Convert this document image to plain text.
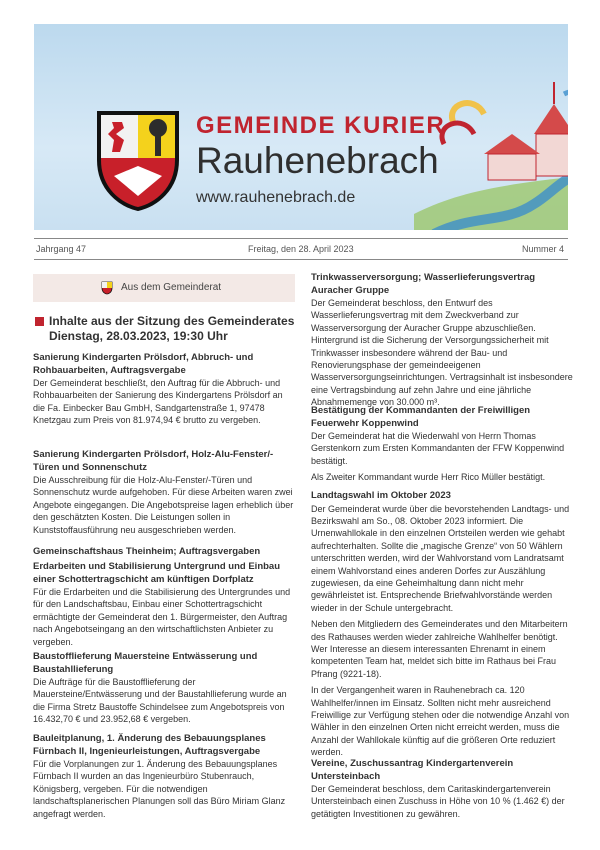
GEMEINDE KURIER
Rauhenebrach
www.rauhenebrach.de
Jahrgang 47	Freitag, den 28. April 2023	Nummer 4
Aus dem Gemeinderat
Inhalte aus der Sitzung des Gemeinderates
Dienstag, 28.03.2023, 19:30 Uhr
Sanierung Kindergarten Prölsdorf, Abbruch- und Rohbauarbeiten, Auftragsvergabe

Der Gemeinderat beschließt, den Auftrag für die Abbruch- und Rohbauarbeiten der Sanierung des Kindergartens Prölsdorf an die Fa. Einbecker Bau GmbH, Sandgartenstraße 1, 97478 Knetzgau zum Preis von 81.974,94 € brutto zu vergeben.

Sanierung Kindergarten Prölsdorf, Holz-Alu-Fenster/-Türen und Sonnenschutz

Die Ausschreibung für die Holz-Alu-Fenster/-Türen und Sonnenschutz wurde aufgehoben. Für diese Arbeiten waren zwei Angebote eingegangen. Die Angebotspreise lagen erheblich über den geschätzten Kosten. Die Leistungen sollen in Kunststoffausführung neu ausgeschrieben werden.

Gemeinschaftshaus Theinheim; Auftragsvergaben
Erdarbeiten und Stabilisierung Untergrund und Einbau einer Schottertragschicht am künftigen Dorfplatz

Für die Erdarbeiten und die Stabilisierung des Untergrundes und für den Landschaftsbau, Einbau einer Schottertragschicht ermächtigte der Gemeinderat den 1. Bürgermeister, den Auftrag nach Angebotseingang an den wirtschaftlichsten Anbieter zu vergeben.

Baustofflieferung Mauersteine Entwässerung und Baustahllieferung

Die Aufträge für die Baustofflieferung der Mauersteine/Entwässerung und der Baustahllieferung wurde an die Firma Stretz Baustoffe Schindelsee zum Angebotspreis von 16.432,70 € und 23.952,68 € vergeben.

Bauleitplanung, 1. Änderung des Bebauungsplanes Fürnbach II, Ingenieurleistungen, Auftragsvergabe

Für die Vorplanungen zur 1. Änderung des Bebauungsplanes Fürnbach II wurden an das Ingenieurbüro Stubenrauch, Königsberg, vergeben. Für die notwendigen landschaftsplanerischen Planungen soll das Büro Miriam Glanz angefragt werden.

Trinkwasserversorgung; Wasserlieferungsvertrag Auracher Gruppe

Der Gemeinderat beschloss, den Entwurf des Wasserlieferungsvertrag mit dem Zweckverband zur Wasserversorgung der Auracher Gruppe abzuschließen. Hintergrund ist die Sicherung der Versorgungssicherheit mit Trinkwasser insbesondere während der Bau- und Renovierungsphase der gemeindeeigenen Wasserversorgungseinrichtungen. Vertragsinhalt ist insbesondere eine Vertragsbindung auf zehn Jahre und eine jährliche Abnahmemenge von 30.000 m³.

Bestätigung der Kommandanten der Freiwilligen Feuerwehr Koppenwind

Der Gemeinderat hat die Wiederwahl von Herrn Thomas Gerstenkorn zum Ersten Kommandanten der FFW Koppenwind bestätigt.

Als Zweiter Kommandant wurde Herr Rico Müller bestätigt.

Landtagswahl im Oktober 2023

Der Gemeinderat wurde über die bevorstehenden Landtags- und Bezirkswahl am So., 08. Oktober 2023 informiert. Die Urnenwahllokale in den einzelnen Ortsteilen werden wie gehabt aufrechterhalten. Sollte die „magische Grenze“ von 50 Wählern unterschritten werden, wird der Wahlvorstand vom Landratsamt einem Wahlvorstand eines anderen Dorfes zur Auszählung zugewiesen, da eine Geheimhaltung dann nicht mehr gewährleistet ist. Entsprechende Briefwahlvorstände werden wieder in der Schule untergebracht.

Neben den Mitgliedern des Gemeinderates und den Mitarbeitern des Rathauses werden wieder zahlreiche Wahlhelfer benötigt. Wer Interesse an diesem interessanten Ehrenamt in einem kompetenten Team hat, meldet sich bitte im Rathaus bei Frau Pfrang (9221-18).

In der Vergangenheit waren in Rauhenebrach ca. 120 Wahlhelfer/innen im Einsatz. Sollten nicht mehr ausreichend Freiwillige zur Verfügung stehen oder die notwendige Anzahl von Wähler in den einzelnen Orten nicht erreicht werden, muss die Anzahl der Wahllokale künftig auf die größeren Orte reduziert werden.

Vereine, Zuschussantrag Kindergartenverein Untersteinbach

Der Gemeinderat beschloss, dem Caritaskindergartenverein Untersteinbach einen Zuschuss in Höhe von 10 % (1.462 €) der getätigten Investitionen zu gewähren.
